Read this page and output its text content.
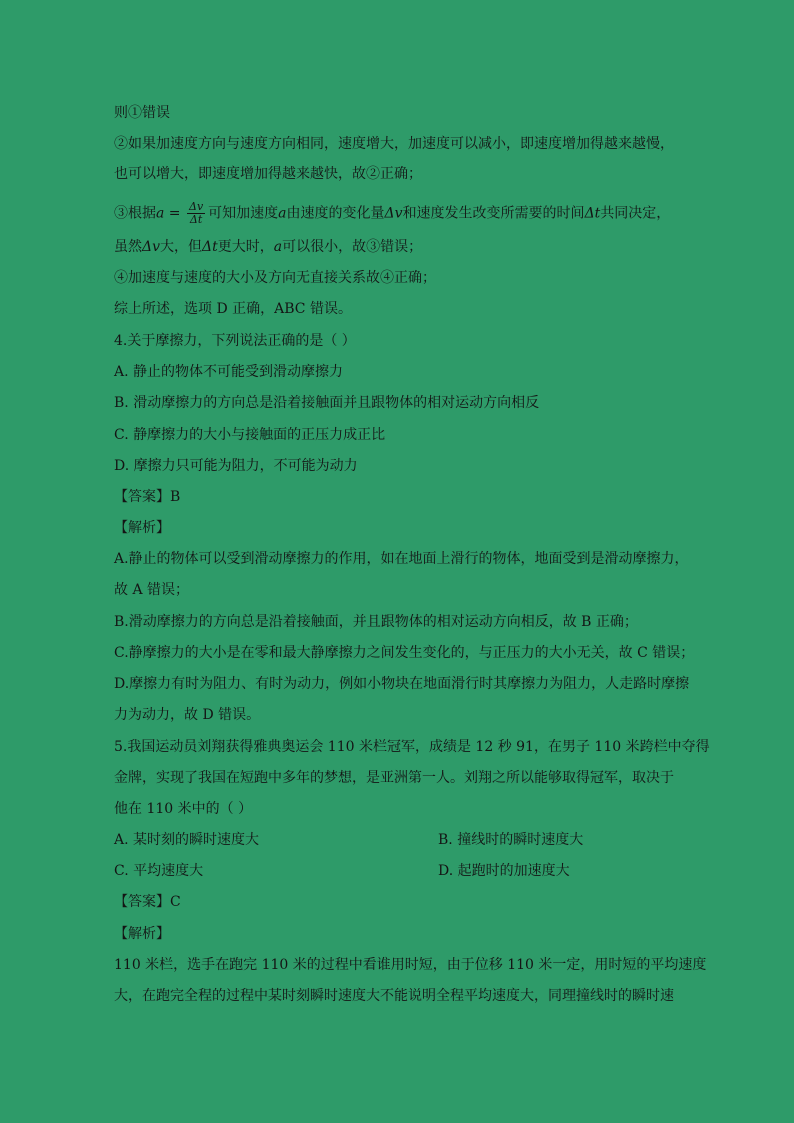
则①错误
②如果加速度方向与速度方向相同，速度增大，加速度可以减小，即速度增加得越来越慢，
也可以增大，即速度增加得越来越快，故②正确；
③根据$a = \frac{\Delta v}{\Delta t}$ 可知加速度a由速度的变化量Δv和速度发生改变所需要的时间Δt共同决定，
虽然Δv大，但Δt更大时，a可以很小，故③错误；
④加速度与速度的大小及方向无直接关系故④正确；
综上所述，选项 D 正确，ABC 错误。
4.关于摩擦力，下列说法正确的是（ ）
A. 静止的物体不可能受到滑动摩擦力
B. 滑动摩擦力的方向总是沿着接触面并且跟物体的相对运动方向相反
C. 静摩擦力的大小与接触面的正压力成正比
D. 摩擦力只可能为阻力，不可能为动力
【答案】B
【解析】
A.静止的物体可以受到滑动摩擦力的作用，如在地面上滑行的物体，地面受到是滑动摩擦力，
故 A 错误；
B.滑动摩擦力的方向总是沿着接触面，并且跟物体的相对运动方向相反，故 B 正确；
C.静摩擦力的大小是在零和最大静摩擦力之间发生变化的，与正压力的大小无关，故 C 错误；
D.摩擦力有时为阻力、有时为动力，例如小物块在地面滑行时其摩擦力为阻力，人走路时摩擦
力为动力，故 D 错误。
5.我国运动员刘翔获得雅典奥运会 110 米栏冠军，成绩是 12 秒 91，在男子 110 米跨栏中夺得
金牌，实现了我国在短跑中多年的梦想，是亚洲第一人。刘翔之所以能够取得冠军，取决于
他在 110 米中的（ ）
A. 某时刻的瞬时速度大	B. 撞线时的瞬时速度大
C. 平均速度大	D. 起跑时的加速度大
【答案】C
【解析】
110 米栏，选手在跑完 110 米的过程中看谁用时短，由于位移 110 米一定，用时短的平均速度
大，在跑完全程的过程中某时刻瞬时速度大不能说明全程平均速度大，同理撞线时的瞬时速
